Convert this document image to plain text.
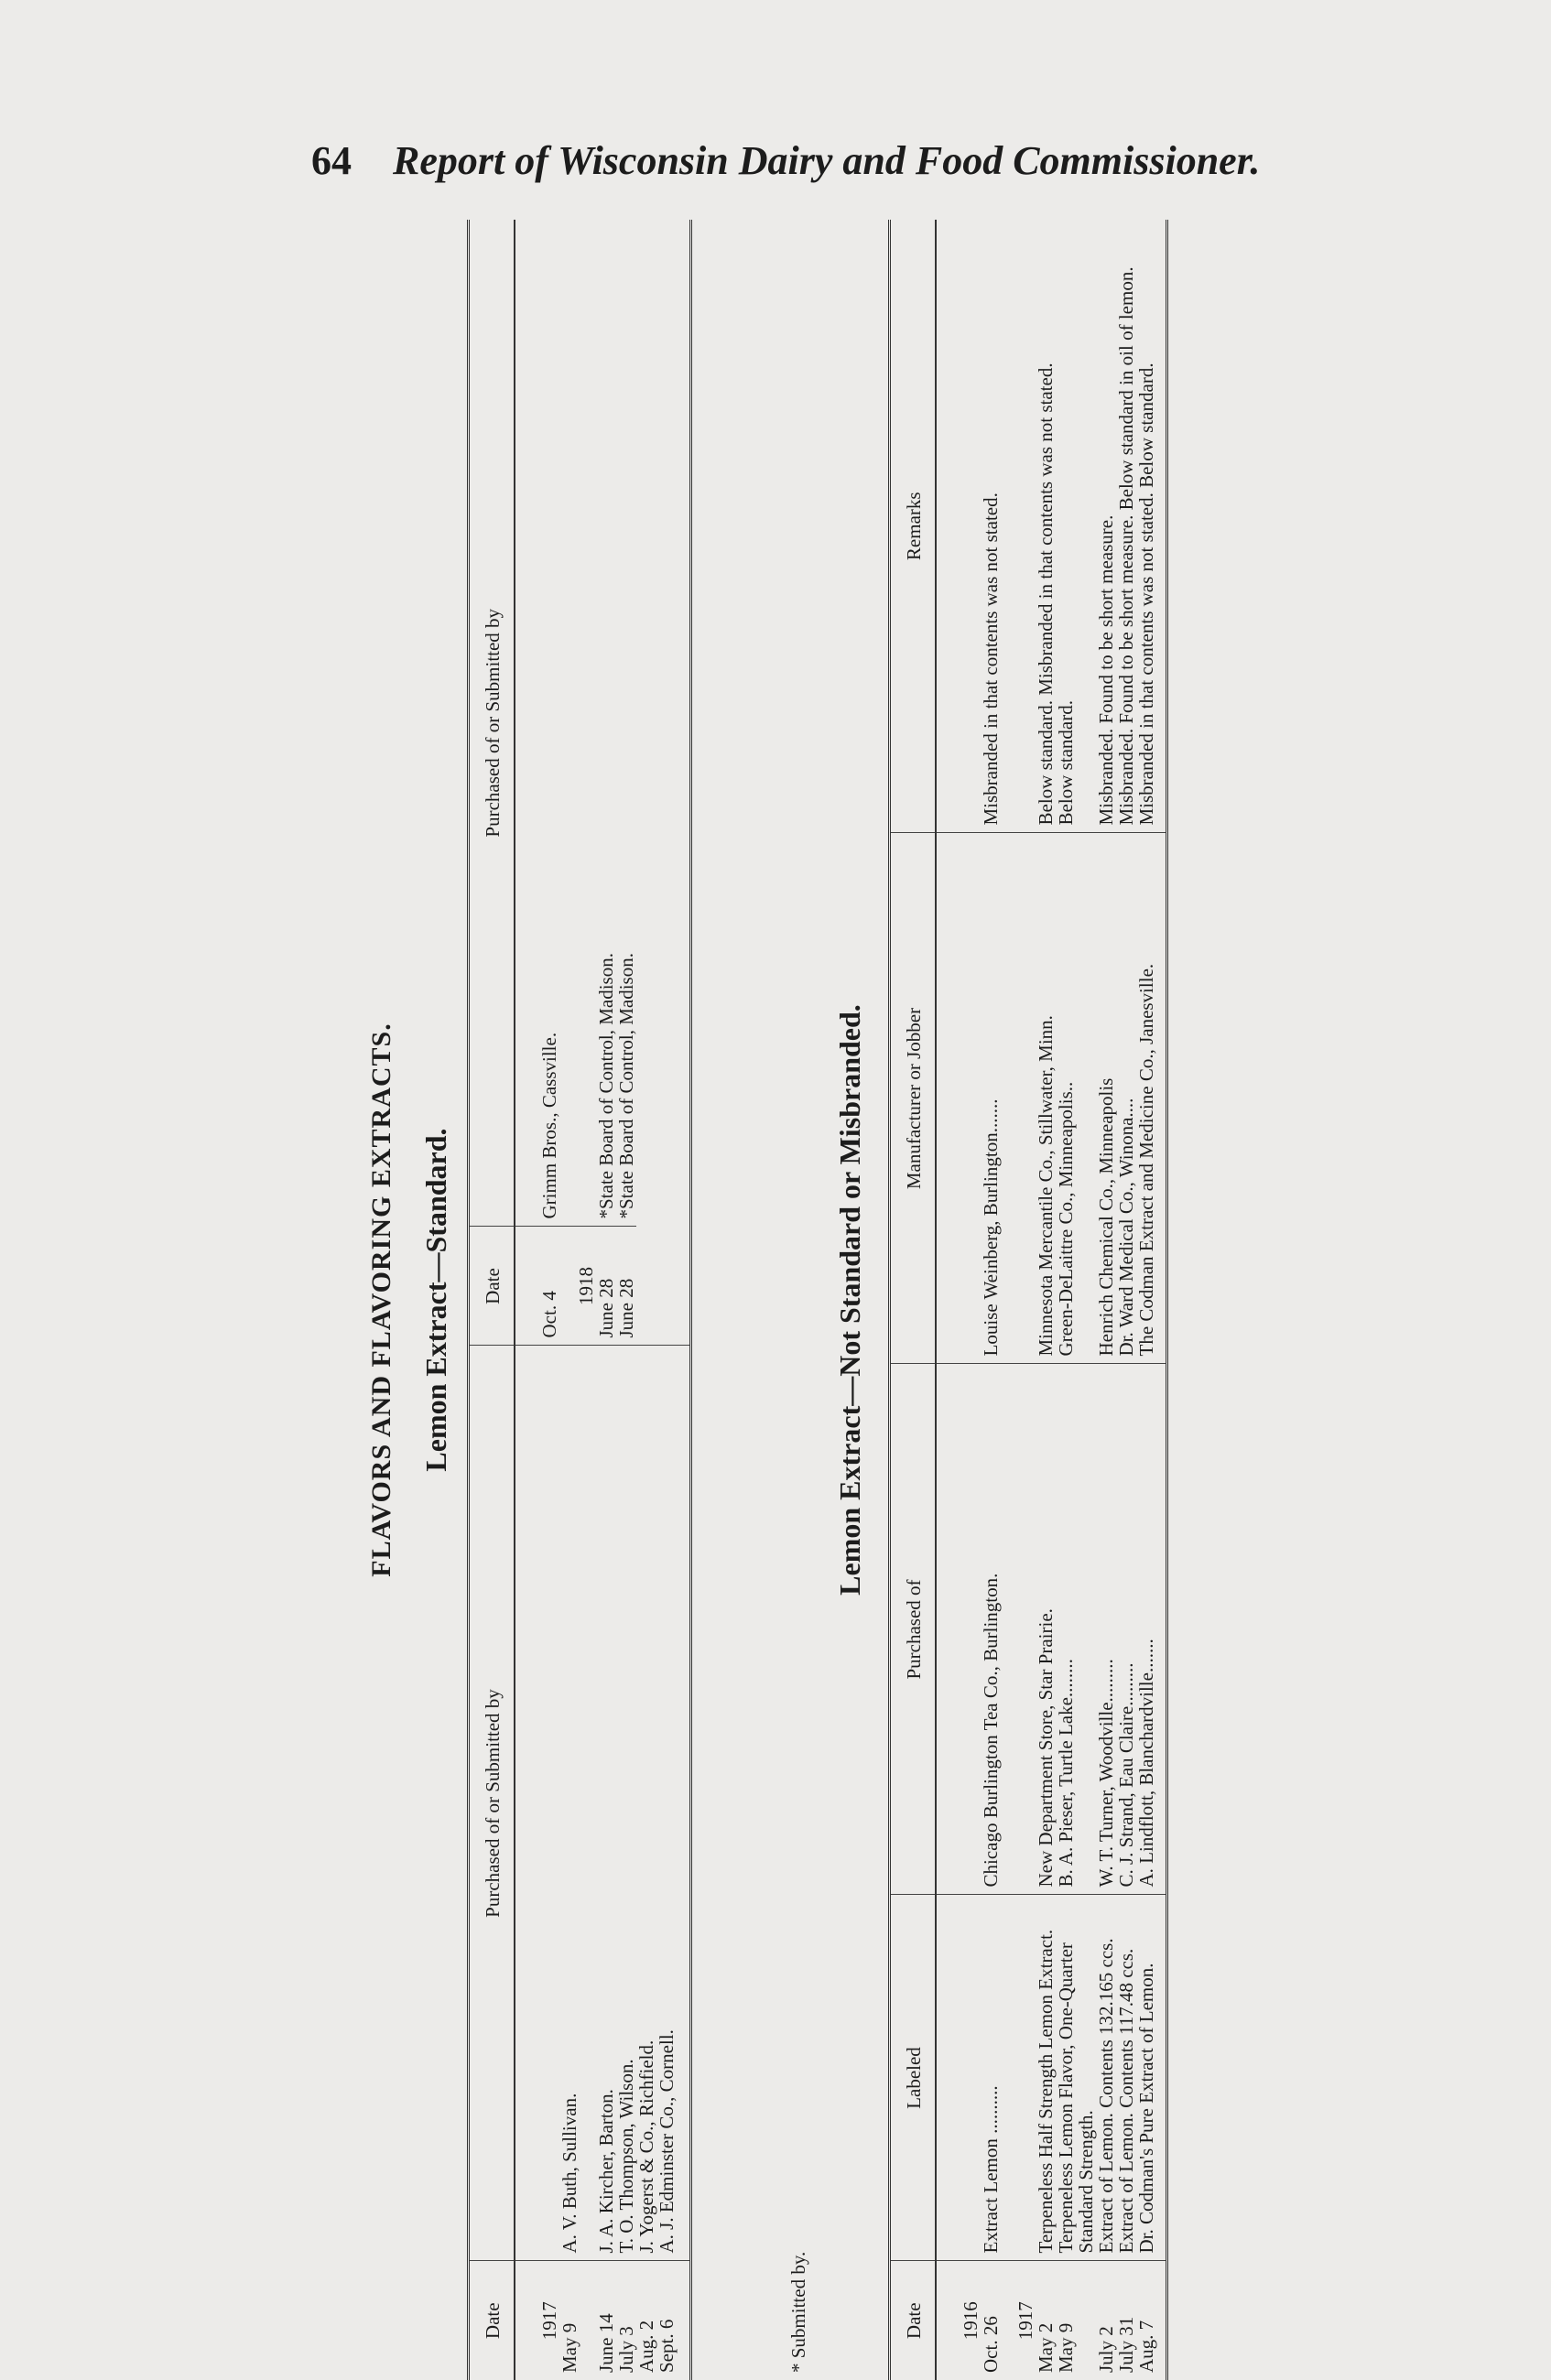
64 Report of Wisconsin Dairy and Food Commissioner.
FLAVORS AND FLAVORING EXTRACTS. Lemon Extract—Standard.
Date	Purchased of or Submitted by	Date	Purchased of or Submitted by
1917		Oct. 4	Grimm Bros., Cassville.
May 9	A. V. Buth, Sullivan.	1918	
June 14	J. A. Kircher, Barton.	June 28	*State Board of Control, Madison.
July 3	T. O. Thompson, Wilson.	June 28	*State Board of Control, Madison.
Aug. 2	J. Yogerst & Co., Richfield.		
Sept. 6	A. J. Edminster Co., Cornell.		
* Submitted by.
Lemon Extract—Not Standard or Misbranded.
Date	Labeled	Purchased of	Manufacturer or Jobber	Remarks

1916
Oct. 26	Extract Lemon ..........	Chicago Burlington Tea Co., Burlington.	Louise Weinberg, Burlington.......	Misbranded in that contents was not stated.

1917
May 2	Terpeneless Half Strength Lemon Extract.	New Department Store, Star Prairie.	Minnesota Mercantile Co., Stillwater, Minn.	Below standard. Misbranded in that contents was not stated.
May 9	Terpeneless Lemon Flavor, One-Quarter Standard Strength.	B. A. Pieser, Turtle Lake........	Green-DeLaittre Co., Minneapolis..	Below standard.
July 2	Extract of Lemon. Contents 132.165 ccs.	W. T. Turner, Woodville.........	Henrich Chemical Co., Minneapolis	Misbranded. Found to be short measure.
July 31	Extract of Lemon. Contents 117.48 ccs.	C. J. Strand, Eau Claire.........	Dr. Ward Medical Co., Winona....	Misbranded. Found to be short measure. Below standard in oil of lemon.
Aug. 7	Dr. Codman's Pure Extract of Lemon.	A. Lindflott, Blanchardville.......	The Codman Extract and Medicine Co., Janesville.	Misbranded in that contents was not stated. Below standard.
